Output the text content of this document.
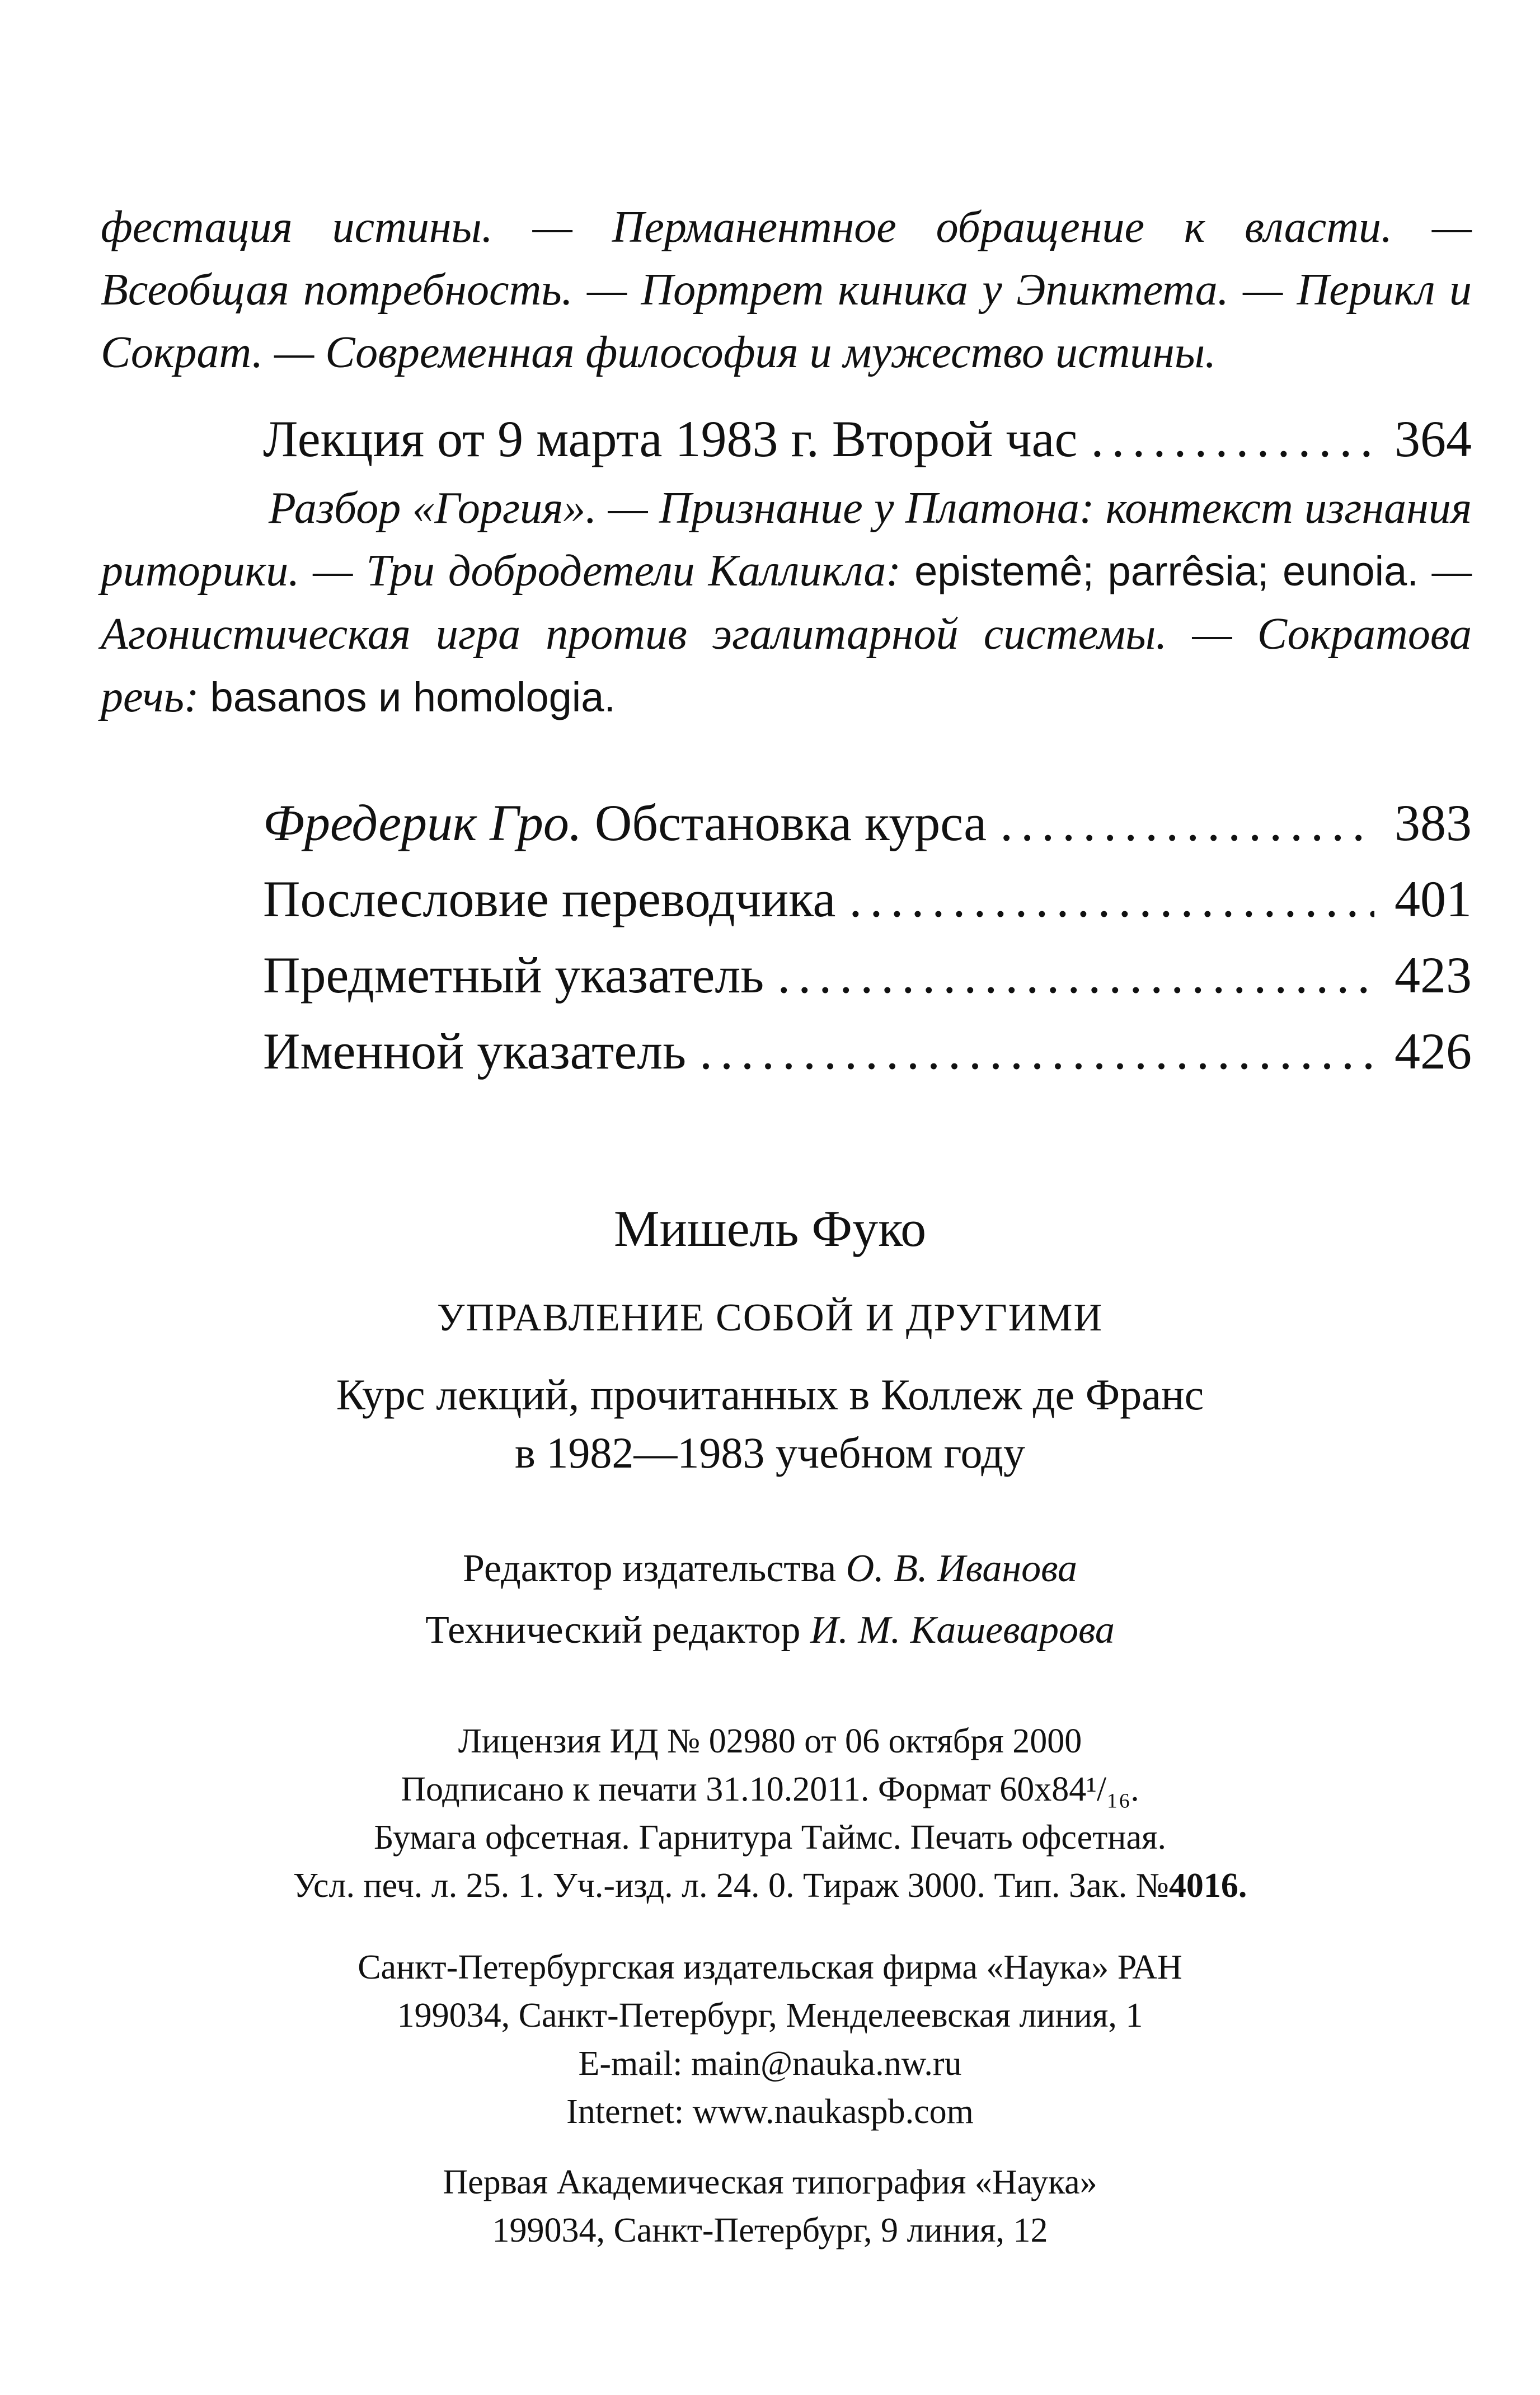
фестация истины. — Перманентное обращение к власти. — Всеобщая потребность. — Портрет киника у Эпиктета. — Перикл и Сократ. — Современная философия и мужество истины.

Лекция от 9 марта 1983 г. Второй час .....	364

Разбор «Горгия». — Признание у Платона: контекст изгнания риторики. — Три добродетели Калликла: epistemê; parrêsia; eunoia. — Агонистическая игра против эгалитарной системы. — Сократова речь: basanos и homologia.

Фредерик Гро. Обстановка курса .....	383
Послесловие переводчика .....	401
Предметный указатель .....	423
Именной указатель .....	426

Мишель Фуко

УПРАВЛЕНИЕ СОБОЙ И ДРУГИМИ

Курс лекций, прочитанных в Коллеж де Франс
в 1982—1983 учебном году

Редактор издательства О. В. Иванова
Технический редактор И. М. Кашеварова

Лицензия ИД № 02980 от 06 октября 2000
Подписано к печати 31.10.2011. Формат 60x84¹/₁₆.
Бумага офсетная. Гарнитура Таймс. Печать офсетная.
Усл. печ. л. 25. 1. Уч.-изд. л. 24. 0. Тираж 3000. Тип. Зак. №4016.

Санкт-Петербургская издательская фирма «Наука» РАН
199034, Санкт-Петербург, Менделеевская линия, 1
E-mail: main@nauka.nw.ru
Internet: www.naukaspb.com

Первая Академическая типография «Наука»
199034, Санкт-Петербург, 9 линия, 12
